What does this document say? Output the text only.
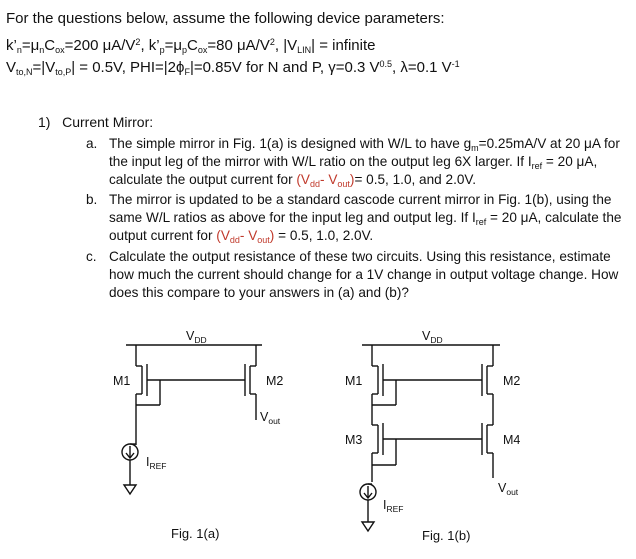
For the questions below, assume the following device parameters:
$k’_n=\mu_nC_{ox}=200$ $\mu A/V^2$, $k’_p=\mu_pC_{ox}=80$ $\mu A/V^2$, $|V_{LIN}|$ = infinite
$V_{to,N}=|V_{to,P}| = 0.5V$, $PHI=|2\phi_F|=0.85V$ for N and P, γ=0.3 $V^{0.5}$, λ=0.1 $V^{-1}$
1) Current Mirror:
a. The simple mirror in Fig. 1(a) is designed with W/L to have $g_m=0.25mA/V$ at 20 μA for
the input leg of the mirror with W/L ratio on the output leg 6X larger. If $I_{ref} = 20$ μA,
calculate the output current for ($V_{dd}-$ $V_{out})= 0.5$, 1.0, and 2.0V.
b. The mirror is updated to be a standard cascode current mirror in Fig. 1(b), using the
same W/L ratios as above for the input leg and output leg. If $I_{ref} = 20$ μA, calculate the
output current for ($V_{dd}-$ $V_{out}) = 0.5$, 1.0, 2.0V.
c. Calculate the output resistance of these two circuits. Using this resistance, estimate
how much the current should change for a 1V change in output voltage change. How
does this compare to your answers in (a) and (b)?
$V_{DD}$
M1	M2
$V_{out}$
$I_{REF}$
Fig. 1(a)
$V_{DD}$
M1	M2
M3	M4
$V_{out}$
$I_{REF}$
Fig. 1(b)
